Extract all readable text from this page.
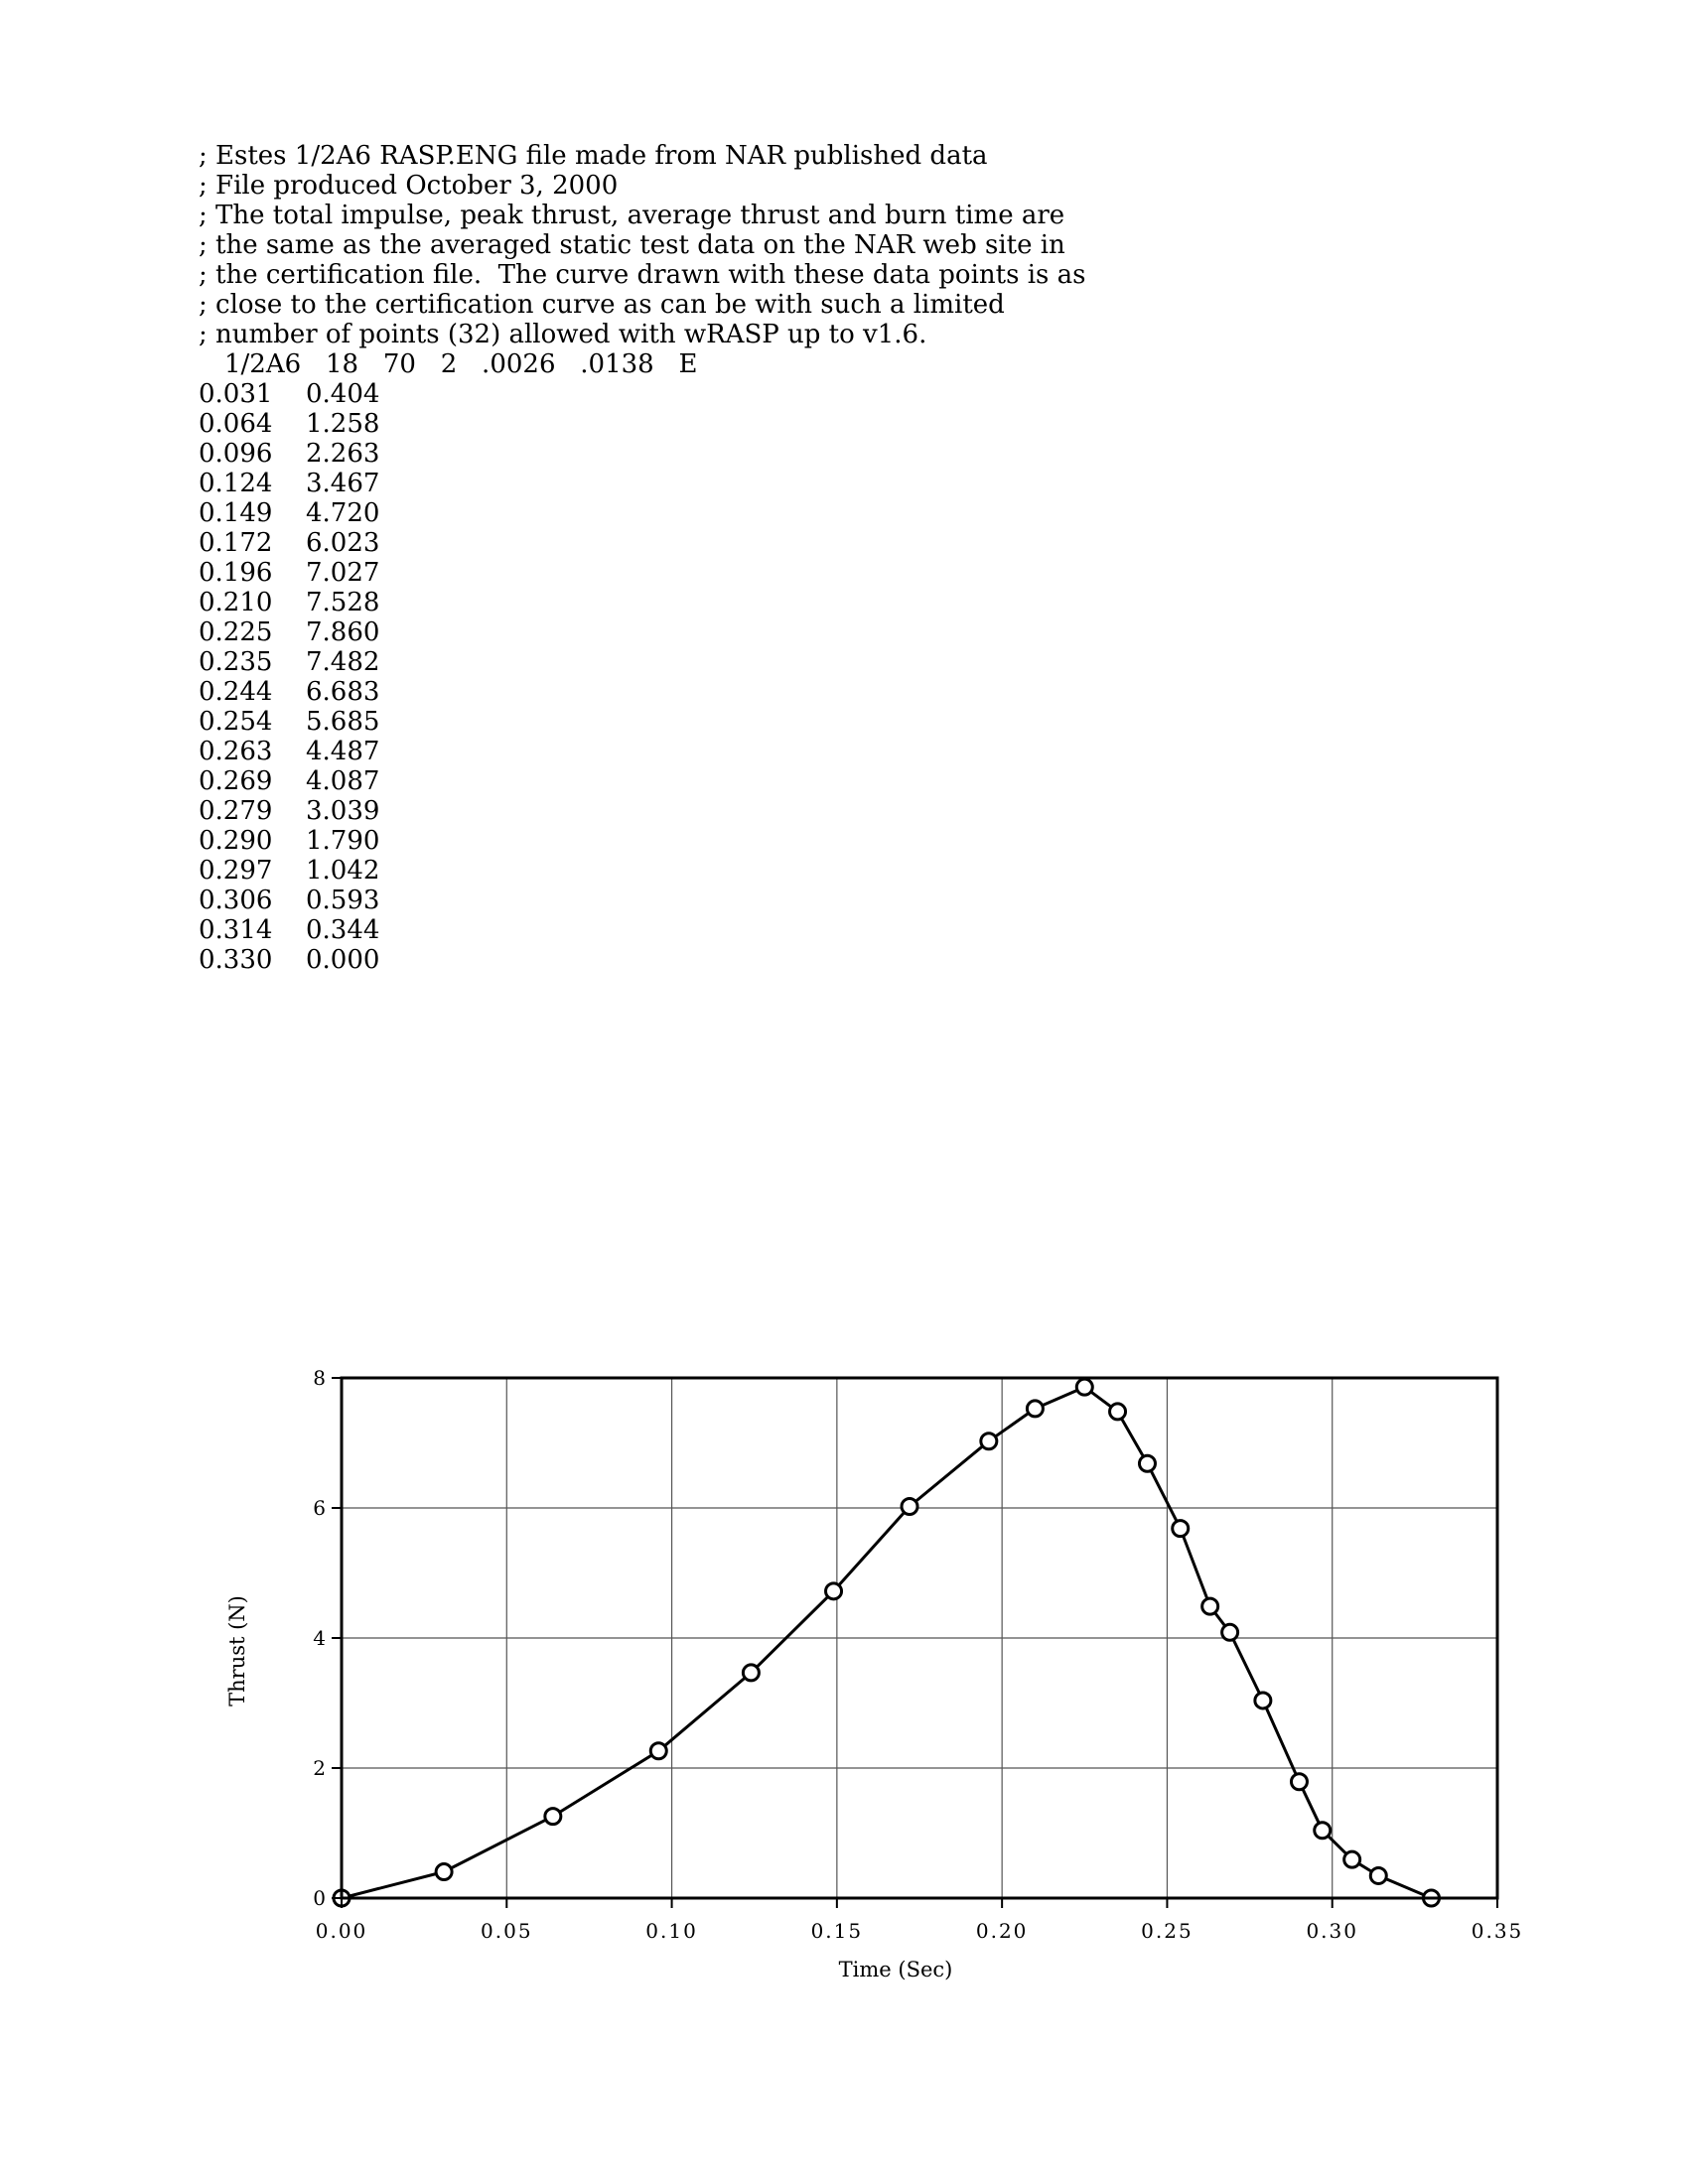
; Estes 1/2A6 RASP.ENG file made from NAR published data
; File produced October 3, 2000
; The total impulse, peak thrust, average thrust and burn time are
; the same as the averaged static test data on the NAR web site in
; the certification file.  The curve drawn with these data points is as
; close to the certification curve as can be with such a limited
; number of points (32) allowed with wRASP up to v1.6.
1/2A6   18   70   2   .0026   .0138   E
0.031 0.404
0.064 1.258
0.096 2.263
0.124 3.467
0.149 4.720
0.172 6.023
0.196 7.027
0.210 7.528
0.225 7.860
0.235 7.482
0.244 6.683
0.254 5.685
0.263 4.487
0.269 4.087
0.279 3.039
0.290 1.790
0.297 1.042
0.306 0.593
0.314 0.344
0.330 0.000
0.00	0.05	0.10	0.15	0.20	0.25	0.30	0.35
0
2
4
6
8
Time (Sec)
Thrust (N)
